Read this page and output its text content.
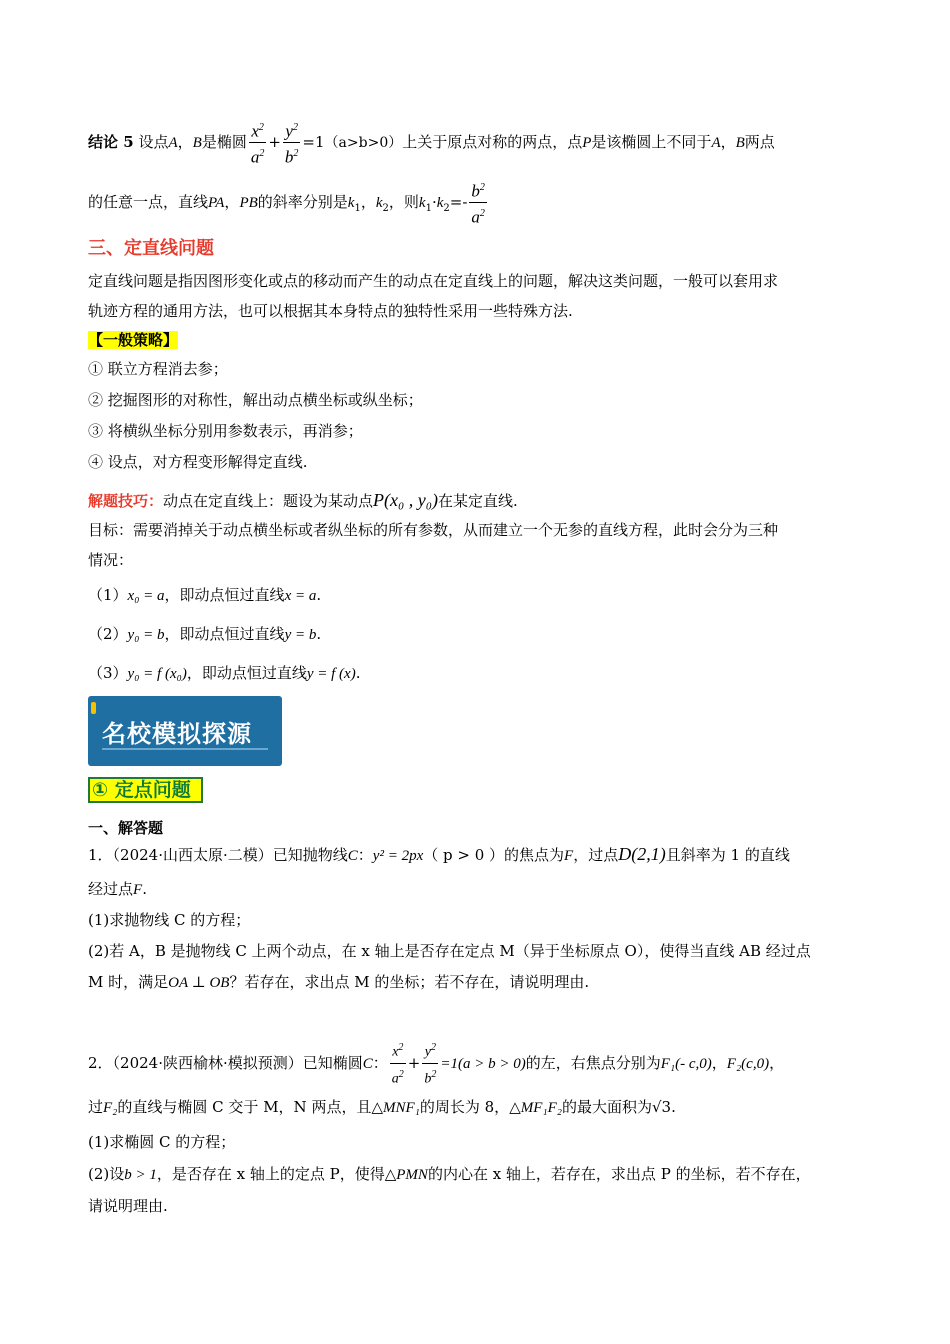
结论 5 设点A，B是椭圆 $\frac{x^2}{a^2} + \frac{y^2}{b^2} =1(a>b>0)$上关于原点对称的两点，点P是该椭圆上不同于A，B两点
的任意一点，直线PA，PB的斜率分别是$k_1$，$k_2$，则$k_1\cdot k_2=- \frac{b^2}{a^2}$
三、定直线问题
定直线问题是指因图形变化或点的移动而产生的动点在定直线上的问题，解决这类问题，一般可以套用求
轨迹方程的通用方法，也可以根据其本身特点的独特性采用一些特殊方法.
【一般策略】
① 联立方程消去参；
② 挖掘图形的对称性，解出动点横坐标或纵坐标；
③ 将横纵坐标分别用参数表示，再消参；
④ 设点，对方程变形解得定直线.
解题技巧：动点在定直线上：题设为某动点P(x₀ , y₀)在某定直线.
目标：需要消掉关于动点横坐标或者纵坐标的所有参数，从而建立一个无参的直线方程，此时会分为三种
情况：
（1）x₀ = a，即动点恒过直线x = a.
（2）y₀ = b，即动点恒过直线y = b.
（3）y₀ = f (x₀)，即动点恒过直线y = f (x).
名校模拟探源
① 定点问题
一、解答题
1．（2024·山西太原·二模）已知抛物线C：y² = 2px（ p > 0 ）的焦点为F，过点D(2,1)且斜率为 1 的直线
经过点F.
(1)求抛物线 C 的方程；
(2)若 A，B 是抛物线 C 上两个动点，在 x 轴上是否存在定点 M（异于坐标原点 O），使得当直线 AB 经过点
M 时，满足OA ⊥ OB？若存在，求出点 M 的坐标；若不存在，请说明理由.
2．（2024·陕西榆林·模拟预测）已知椭圆C： $\frac{x^2}{a^2} + \frac{y^2}{b^2} =1(a > b > 0)$的左，右焦点分别为F₁(- c,0)，F₂(c,0)，
过F₂的直线与椭圆 C 交于 M，N 两点，且△MNF₁的周长为 8，△MF₁F₂的最大面积为√3.
(1)求椭圆 C 的方程；
(2)设b > 1，是否存在 x 轴上的定点 P，使得△PMN的内心在 x 轴上，若存在，求出点 P 的坐标，若不存在，
请说明理由.
